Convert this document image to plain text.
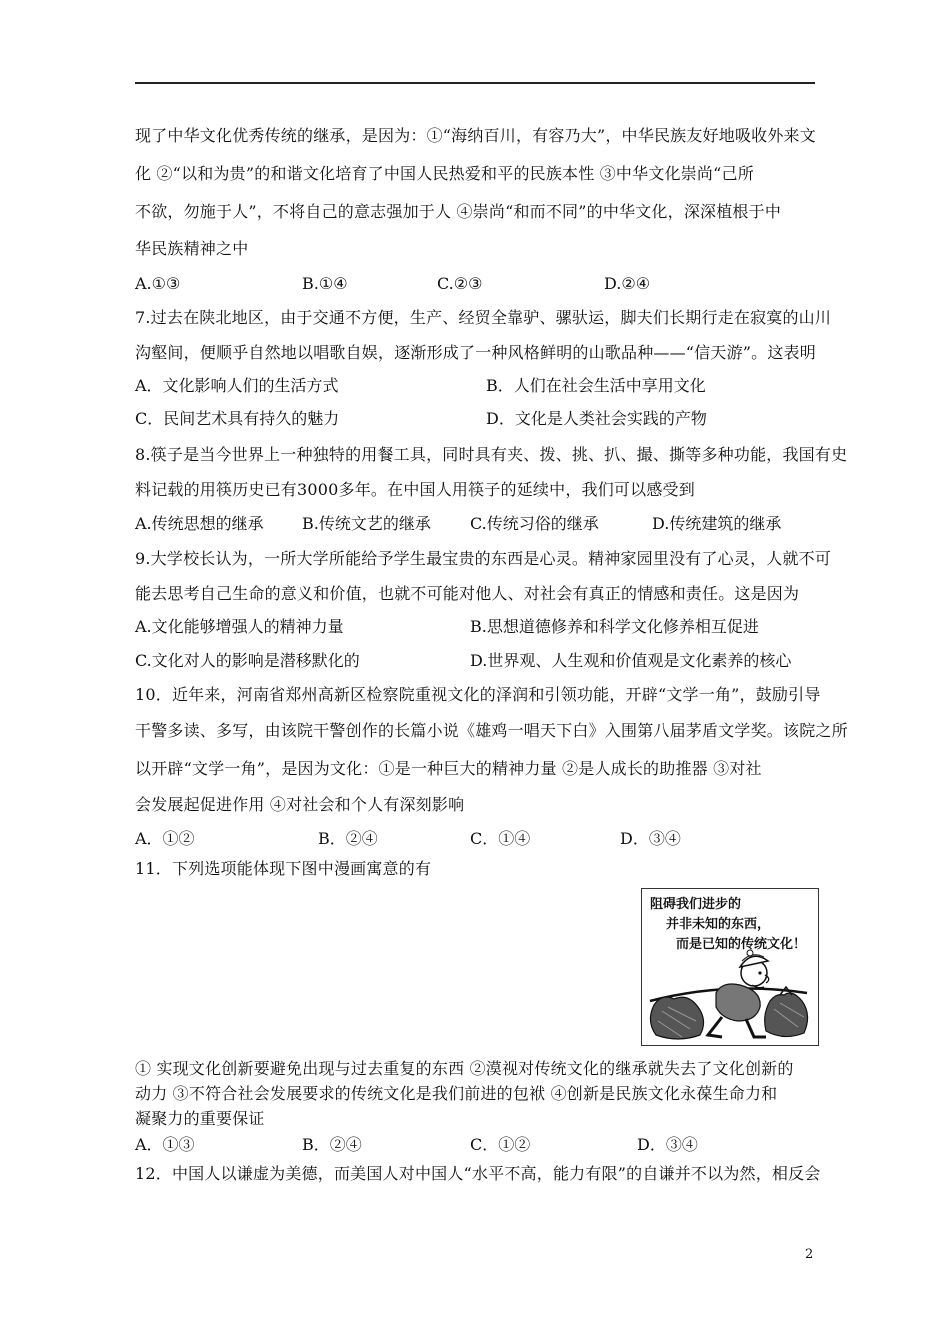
现了中华文化优秀传统的继承，是因为：①“海纳百川，有容乃大”，中华民族友好地吸收外来文
化 ②“以和为贵”的和谐文化培育了中国人民热爱和平的民族本性 ③中华文化崇尚“己所
不欲，勿施于人”，不将自己的意志强加于人 ④崇尚“和而不同”的中华文化，深深植根于中
华民族精神之中
A.①③	B.①④	C.②③	D.②④
7.过去在陕北地区，由于交通不方便，生产、经贸全靠驴、骡驮运，脚夫们长期行走在寂寞的山川
沟壑间，便顺乎自然地以唱歌自娱，逐渐形成了一种风格鲜明的山歌品种——“信天游”。这表明
A．文化影响人们的生活方式	B．人们在社会生活中享用文化
C．民间艺术具有持久的魅力	D．文化是人类社会实践的产物
8.筷子是当今世界上一种独特的用餐工具，同时具有夹、拨、挑、扒、撮、撕等多种功能，我国有史
料记载的用筷历史已有3000多年。在中国人用筷子的延续中，我们可以感受到
A.传统思想的继承 B.传统文艺的继承 C.传统习俗的继承	D.传统建筑的继承
9.大学校长认为，一所大学所能给予学生最宝贵的东西是心灵。精神家园里没有了心灵，人就不可
能去思考自己生命的意义和价值，也就不可能对他人、对社会有真正的情感和责任。这是因为
A.文化能够增强人的精神力量	B.思想道德修养和科学文化修养相互促进
C.文化对人的影响是潜移默化的	D.世界观、人生观和价值观是文化素养的核心
10．近年来，河南省郑州高新区检察院重视文化的泽润和引领功能，开辟“文学一角”，鼓励引导
干警多读、多写，由该院干警创作的长篇小说《雄鸡一唱天下白》入围第八届茅盾文学奖。该院之所
以开辟“文学一角”，是因为文化：①是一种巨大的精神力量 ②是人成长的助推器 ③对社
会发展起促进作用 ④对社会和个人有深刻影响
A．①②	B．②④	C．①④	D．③④
11．下列选项能体现下图中漫画寓意的有
阻碍我们进步的
并非未知的东西，
而是已知的传统文化！
① 实现文化创新要避免出现与过去重复的东西 ②漠视对传统文化的继承就失去了文化创新的
动力 ③不符合社会发展要求的传统文化是我们前进的包袱 ④创新是民族文化永葆生命力和
凝聚力的重要保证
A．①③	B．②④	C．①②	D．③④
12．中国人以谦虚为美德，而美国人对中国人“水平不高，能力有限”的自谦并不以为然，相反会
2
